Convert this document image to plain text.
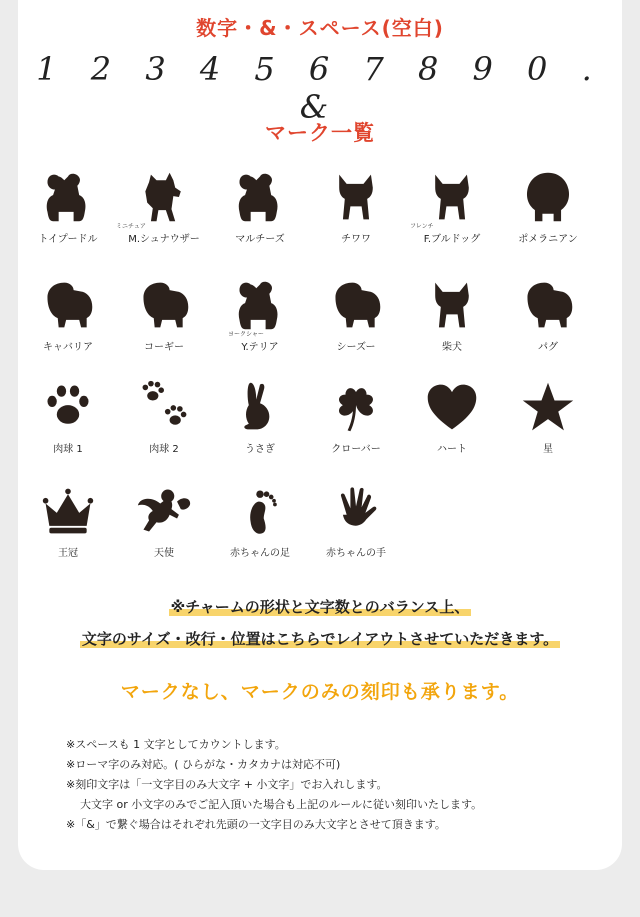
数字・&・スペース(空白)
1 2 3 4 5 6 7 8 9 0 . &
マーク一覧
トイプードル
ミニチュア
M.シュナウザー	マルチーズ	チワワ
フレンチ
F.ブルドッグ	ポメラニアン
キャバリア	コーギー
ヨークシャー
Y.テリア	シーズー	柴犬	パグ
肉球 1	肉球 2	うさぎ	クローバー	ハート	星
王冠	天使	赤ちゃんの足	赤ちゃんの手
※チャームの形状と文字数とのバランス上、
文字のサイズ・改行・位置はこちらでレイアウトさせていただきます。
マークなし、マークのみの刻印も承ります。
※スペースも 1 文字としてカウントします。
※ローマ字のみ対応。( ひらがな・カタカナは対応不可)
※刻印文字は「一文字目のみ大文字 + 小文字」でお入れします。
大文字 or 小文字のみでご記入頂いた場合も上記のルールに従い刻印いたします。
※「&」で繋ぐ場合はそれぞれ先頭の一文字目のみ大文字とさせて頂きます。
